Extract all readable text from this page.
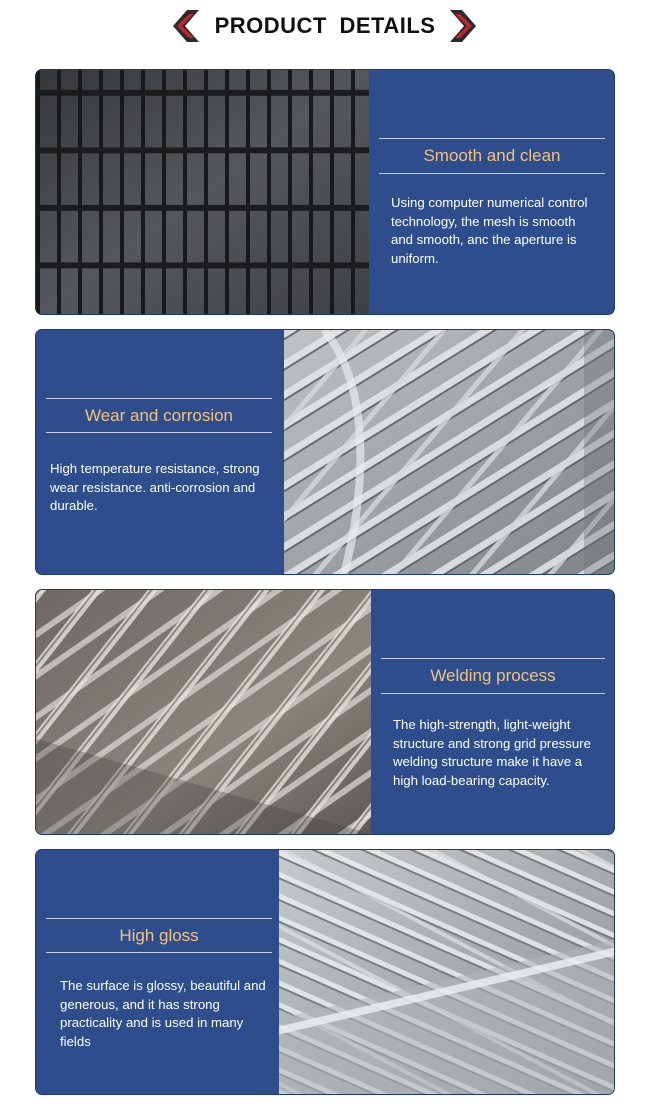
PRODUCT DETAILS
Smooth and clean
Using computer numerical control technology, the mesh is smooth and smooth, anc the aperture is uniform.
Wear and corrosion
High temperature resistance, strong wear resistance. anti-corrosion and durable.
Welding process
The high-strength, light-weight structure and strong grid pressure welding structure make it have a high load-bearing capacity.
High gloss
The surface is glossy, beautiful and generous, and it has strong practicality and is used in many fields
